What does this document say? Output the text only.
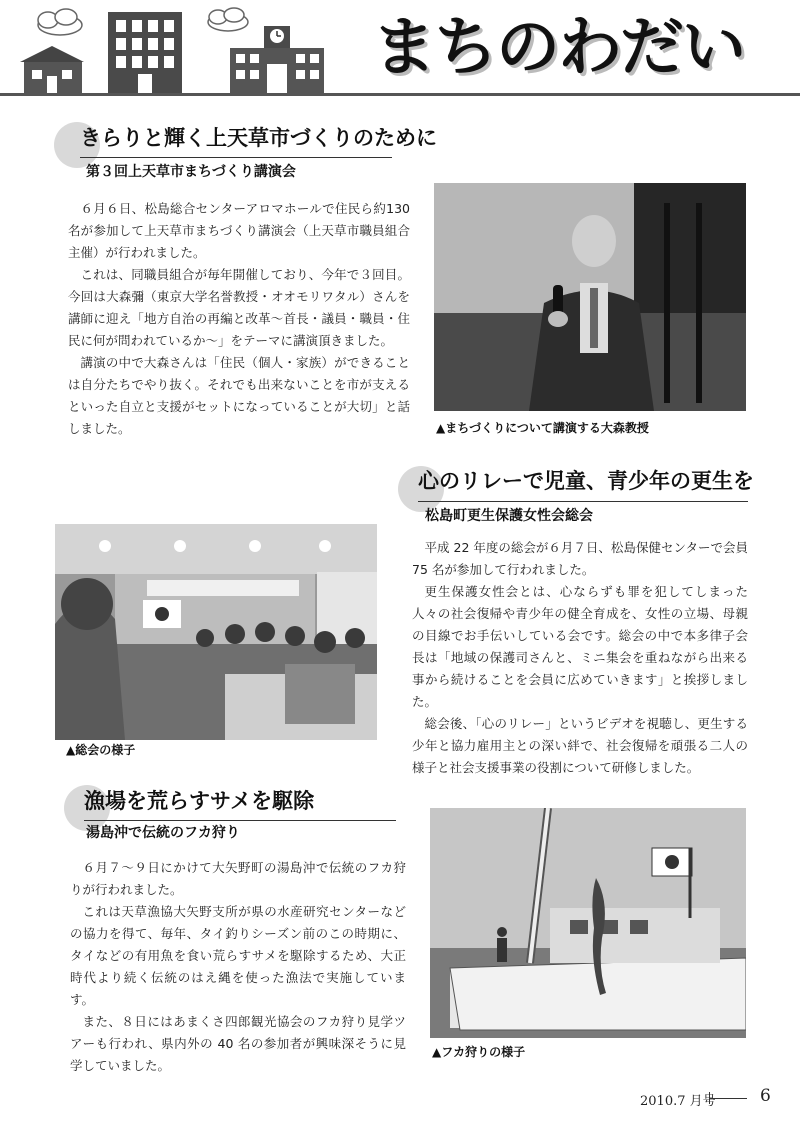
まちのわだい
きらりと輝く上天草市づくりのために
第３回上天草市まちづくり講演会

６月６日、松島総合センターアロマホールで住民ら約130 名が参加して上天草市まちづくり講演会（上天草市職員組合主催）が行われました。

これは、同職員組合が毎年開催しており、今年で３回目。今回は大森彌（東京大学名誉教授・オオモリワタル）さんを講師に迎え「地方自治の再編と改革～首長・議員・職員・住民に何が問われているか～」をテーマに講演頂きました。

講演の中で大森さんは「住民（個人・家族）ができることは自分たちでやり抜く。それでも出来ないことを市が支えるといった自立と支援がセットになっていることが大切」と話しました。	▲まちづくりについて講演する大森教授
心のリレーで児童、青少年の更生を
松島町更生保護女性会総会
▲総会の様子

平成 22 年度の総会が６月７日、松島保健センターで会員 75 名が参加して行われました。

更生保護女性会とは、心ならずも罪を犯してしまった人々の社会復帰や青少年の健全育成を、女性の立場、母親の目線でお手伝いしている会です。総会の中で本多律子会長は「地域の保護司さんと、ミニ集会を重ねながら出来る事から続けることを会員に広めていきます」と挨拶しました。

総会後、「心のリレー」というビデオを視聴し、更生する少年と協力雇用主との深い絆で、社会復帰を頑張る二人の様子と社会支援事業の役割について研修しました。

漁場を荒らすサメを駆除
湯島沖で伝統のフカ狩り

６月７～９日にかけて大矢野町の湯島沖で伝統のフカ狩りが行われました。

これは天草漁協大矢野支所が県の水産研究センターなどの協力を得て、毎年、タイ釣りシーズン前のこの時期に、タイなどの有用魚を食い荒らすサメを駆除するため、大正時代より続く伝統のはえ縄を使った漁法で実施しています。

また、８日にはあまくさ四郎観光協会のフカ狩り見学ツアーも行われ、県内外の 40 名の参加者が興味深そうに見学していました。

▲フカ狩りの様子
2010.7 月号	6
